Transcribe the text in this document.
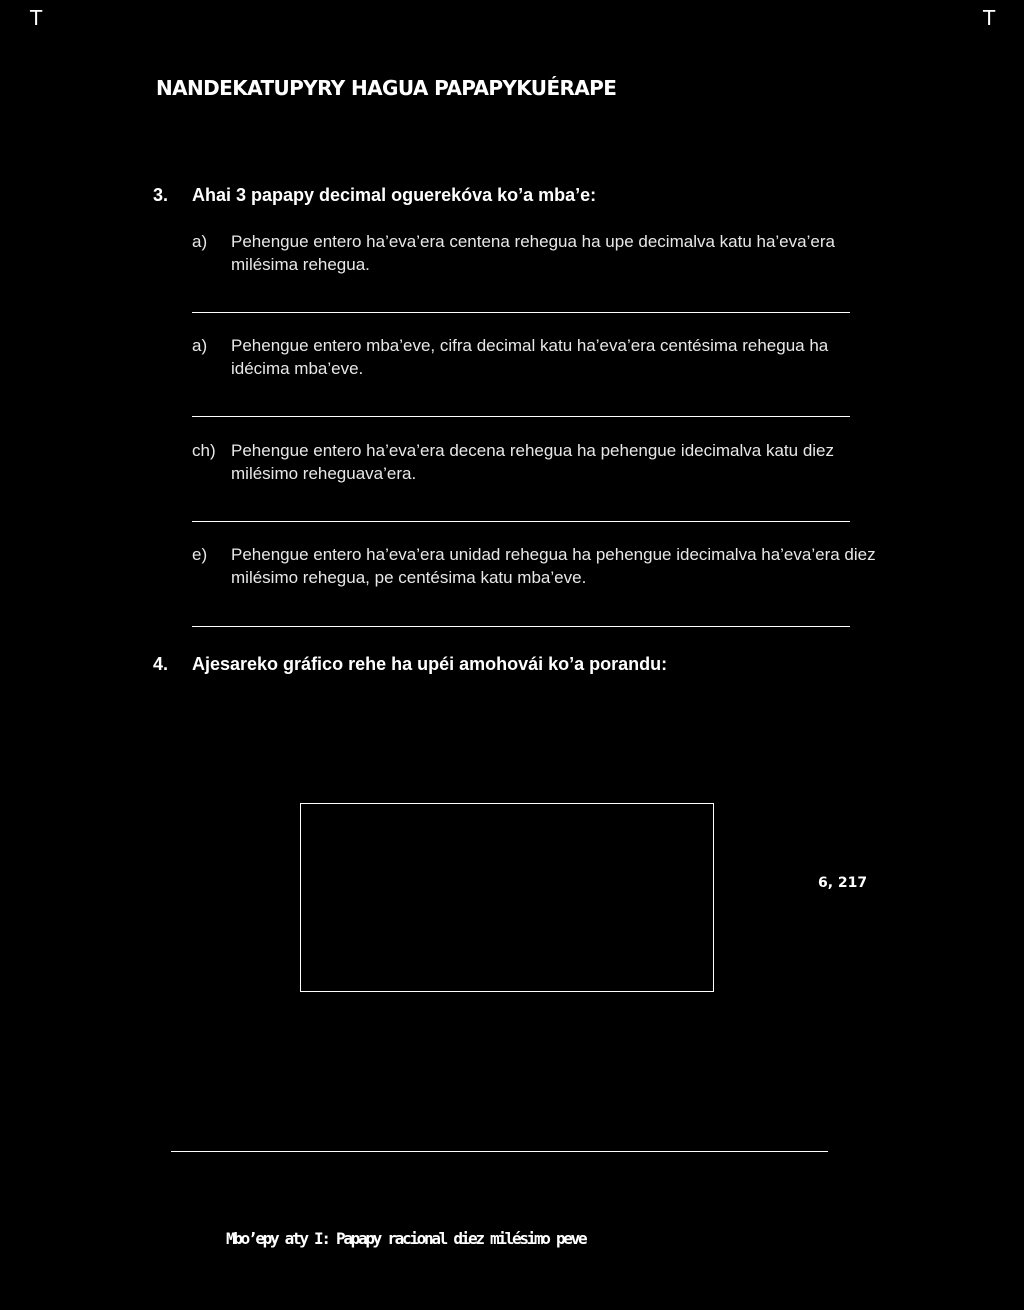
T	T
NANDEKATUPYRY HAGUA PAPAPYKUÉRAPE
3. Ahai 3 papapy decimal oguerekóva ko’a mba’e:
a) Pehengue entero ha’eva’era centena rehegua ha upe decimalva katu ha’eva’era milésima rehegua.
a) Pehengue entero mba’eve, cifra decimal katu ha’eva’era centésima rehegua ha idécima mba’eve.
ch) Pehengue entero ha’eva’era decena rehegua ha pehengue idecimalva katu diez milésimo reheguava’era.
e) Pehengue entero ha’eva’era unidad rehegua ha pehengue idecimalva ha’eva’era diez milésimo rehegua, pe centésima katu mba’eve.
4. Ajesareko gráfico rehe ha upéi amohovái ko’a porandu:
6, 217
Mbo’epy aty I: Papapy racional diez milésimo peve
